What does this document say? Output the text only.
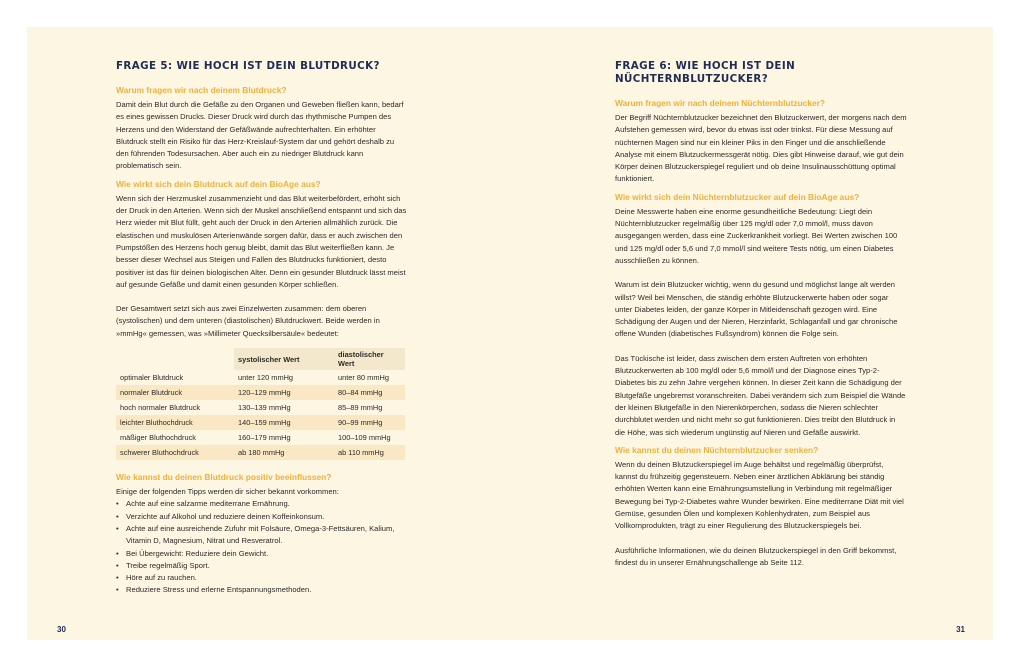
FRAGE 5: WIE HOCH IST DEIN BLUTDRUCK?
Warum fragen wir nach deinem Blutdruck?

Damit dein Blut durch die Gefäße zu den Organen und Geweben fließen kann, bedarf es eines gewissen Drucks. Dieser Druck wird durch das rhythmische Pumpen des Herzens und den Widerstand der Gefäßwände aufrechterhalten. Ein erhöhter Blutdruck stellt ein Risiko für das Herz-Kreislauf-System dar und gehört deshalb zu den führenden Todesursachen. Aber auch ein zu niedriger Blutdruck kann problematisch sein.

Wie wirkt sich dein Blutdruck auf dein BioAge aus?

Wenn sich der Herzmuskel zusammenzieht und das Blut weiterbefördert, erhöht sich der Druck in den Arterien. Wenn sich der Muskel anschließend entspannt und sich das Herz wieder mit Blut füllt, geht auch der Druck in den Arterien allmählich zurück. Die elastischen und muskulösen Arterienwände sorgen dafür, dass er auch zwischen den Pumpstößen des Herzens hoch genug bleibt, damit das Blut weiterfließen kann. Je besser dieser Wechsel aus Steigen und Fallen des Blutdrucks funktioniert, desto positiver ist das für deinen biologischen Alter. Denn ein gesunder Blutdruck lässt meist auf gesunde Gefäße und damit einen gesunden Körper schließen.

Der Gesamtwert setzt sich aus zwei Einzelwerten zusammen: dem oberen (systolischen) und dem unteren (diastolischen) Blutdruckwert. Beide werden in »mmHg« gemessen, was »Millimeter Quecksilbersäule« bedeutet:

	systolischer Wert	diastolischer Wert
optimaler Blutdruck	unter 120 mmHg	unter 80 mmHg
normaler Blutdruck	120–129 mmHg	80–84 mmHg
hoch normaler Blutdruck	130–139 mmHg	85–89 mmHg
leichter Bluthochdruck	140–159 mmHg	90–99 mmHg
mäßiger Bluthochdruck	160–179 mmHg	100–109 mmHg
schwerer Bluthochdruck	ab 180 mmHg	ab 110 mmHg
Wie kannst du deinen Blutdruck positiv beeinflussen?

Einige der folgenden Tipps werden dir sicher bekannt vorkommen:

• Achte auf eine salzarme mediterrane Ernährung.
• Verzichte auf Alkohol und reduziere deinen Koffeinkonsum.
• Achte auf eine ausreichende Zufuhr mit Folsäure, Omega-3-Fettsäuren, Kalium, Vitamin D, Magnesium, Nitrat und Resveratrol.
• Bei Übergewicht: Reduziere dein Gewicht.
• Treibe regelmäßig Sport.
• Höre auf zu rauchen.
• Reduziere Stress und erlerne Entspannungsmethoden.
30
FRAGE 6: WIE HOCH IST DEIN NÜCHTERNBLUTZUCKER?
Warum fragen wir nach deinem Nüchternblutzucker?

Der Begriff Nüchternblutzucker bezeichnet den Blutzuckerwert, der morgens nach dem Aufstehen gemessen wird, bevor du etwas isst oder trinkst. Für diese Messung auf nüchternen Magen sind nur ein kleiner Piks in den Finger und die anschließende Analyse mit einem Blutzuckermessgerät nötig. Dies gibt Hinweise darauf, wie gut dein Körper deinen Blutzuckerspiegel reguliert und ob deine Insulinausschüttung optimal funktioniert.

Wie wirkt sich dein Nüchternblutzucker auf dein BioAge aus?

Deine Messwerte haben eine enorme gesundheitliche Bedeutung: Liegt dein Nüchternblutzucker regelmäßig über 125 mg/dl oder 7,0 mmol/l, muss davon ausgegangen werden, dass eine Zuckerkrankheit vorliegt. Bei Werten zwischen 100 und 125 mg/dl oder 5,6 und 7,0 mmol/l sind weitere Tests nötig, um einen Diabetes ausschließen zu können.

Warum ist dein Blutzucker wichtig, wenn du gesund und möglichst lange alt werden willst? Weil bei Menschen, die ständig erhöhte Blutzuckerwerte haben oder sogar unter Diabetes leiden, der ganze Körper in Mitleidenschaft gezogen wird. Eine Schädigung der Augen und der Nieren, Herzinfarkt, Schlaganfall und gar chronische offene Wunden (diabetisches Fußsyndrom) können die Folge sein.

Das Tückische ist leider, dass zwischen dem ersten Auftreten von erhöhten Blutzuckerwerten ab 100 mg/dl oder 5,6 mmol/l und der Diagnose eines Typ-2-Diabetes bis zu zehn Jahre vergehen können. In dieser Zeit kann die Schädigung der Blutgefäße ungebremst voranschreiten. Dabei verändern sich zum Beispiel die Wände der kleinen Blutgefäße in den Nierenkörperchen, sodass die Nieren schlechter durchblutet werden und nicht mehr so gut funktionieren. Dies treibt den Blutdruck in die Höhe, was sich wiederum ungünstig auf Nieren und Gefäße auswirkt.

Wie kannst du deinen Nüchternblutzucker senken?

Wenn du deinen Blutzuckerspiegel im Auge behältst und regelmäßig überprüfst, kannst du frühzeitig gegensteuern. Neben einer ärztlichen Abklärung bei ständig erhöhten Werten kann eine Ernährungsumstellung in Verbindung mit regelmäßiger Bewegung bei Typ-2-Diabetes wahre Wunder bewirken. Eine mediterrane Diät mit viel Gemüse, gesunden Ölen und komplexen Kohlenhydraten, zum Beispiel aus Vollkornprodukten, trägt zu einer Regulierung des Blutzuckerspiegels bei.

Ausführliche Informationen, wie du deinen Blutzuckerspiegel in den Griff bekommst, findest du in unserer Ernährungschallenge ab Seite 112.

31
